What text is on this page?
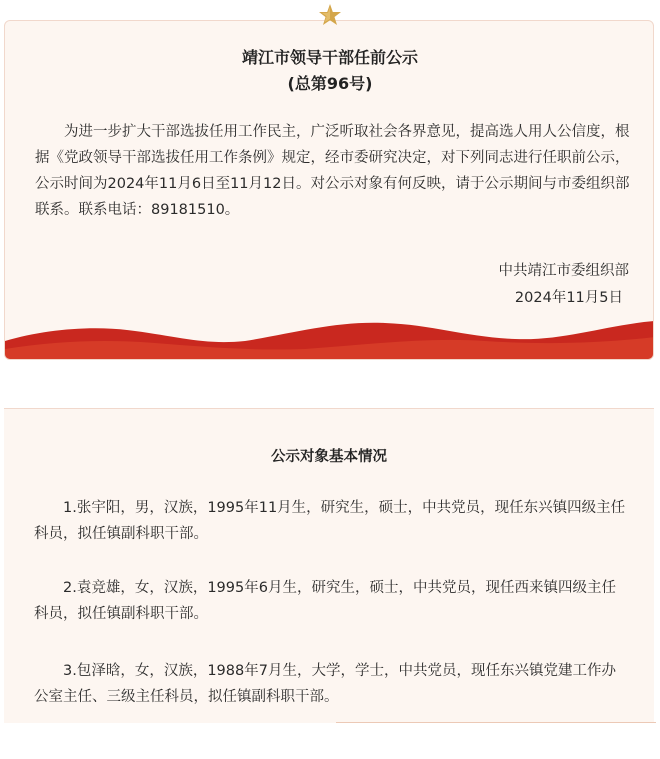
靖江市领导干部任前公示
(总第96号)

为进一步扩大干部选拔任用工作民主，广泛听取社会各界意见，提高选人用人公信度，根据《党政领导干部选拔任用工作条例》规定，经市委研究决定，对下列同志进行任职前公示，公示时间为2024年11月6日至11月12日。对公示对象有何反映，请于公示期间与市委组织部联系。联系电话：89181510。

中共靖江市委组织部
2024年11月5日
公示对象基本情况

1.张宇阳，男，汉族，1995年11月生，研究生，硕士，中共党员，现任东兴镇四级主任科员，拟任镇副科职干部。

2.袁竞雄，女，汉族，1995年6月生，研究生，硕士，中共党员，现任西来镇四级主任科员，拟任镇副科职干部。

3.包泽晗，女，汉族，1988年7月生，大学，学士，中共党员，现任东兴镇党建工作办公室主任、三级主任科员，拟任镇副科职干部。
